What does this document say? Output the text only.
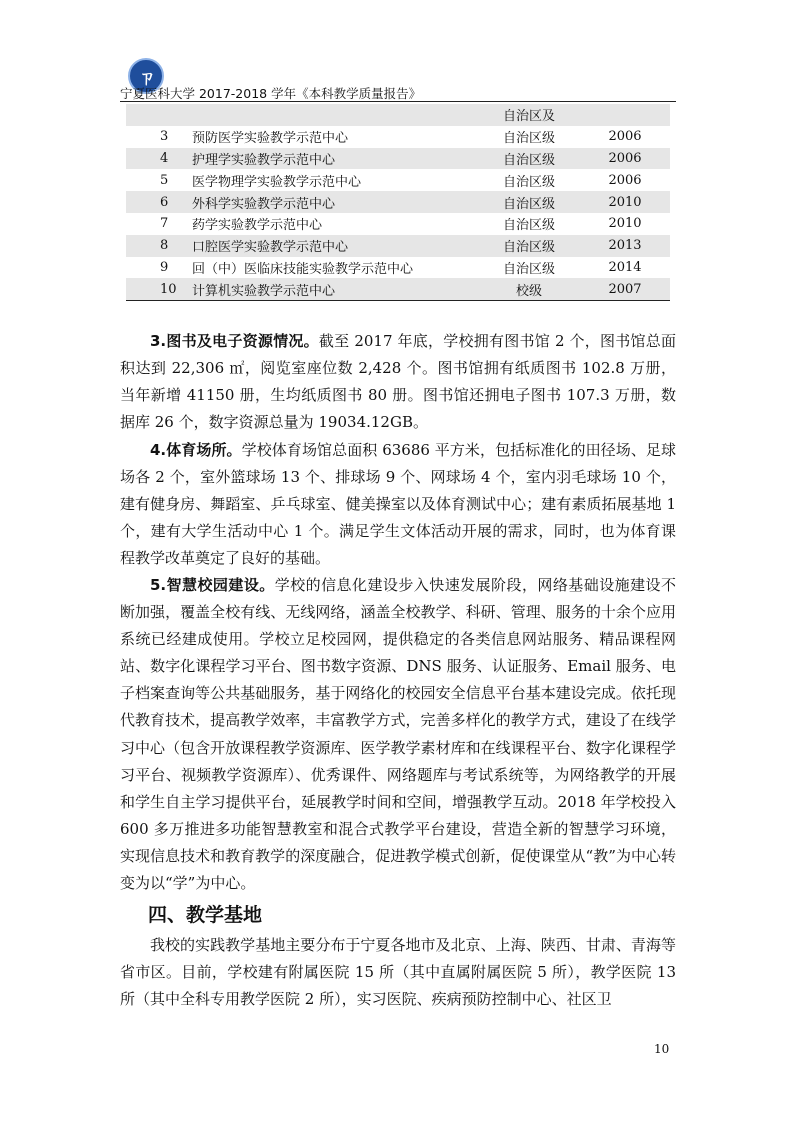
ㄗ
宁夏医科大学 2017-2018 学年《本科教学质量报告》
		自治区及	
3	预防医学实验教学示范中心	自治区级	2006
4	护理学实验教学示范中心	自治区级	2006
5	医学物理学实验教学示范中心	自治区级	2006
6	外科学实验教学示范中心	自治区级	2010
7	药学实验教学示范中心	自治区级	2010
8	口腔医学实验教学示范中心	自治区级	2013
9	回（中）医临床技能实验教学示范中心	自治区级	2014
10	计算机实验教学示范中心	校级	2007

3.图书及电子资源情况。截至 2017 年底，学校拥有图书馆 2 个，图书馆总面积达到 22,306 ㎡，阅览室座位数 2,428 个。图书馆拥有纸质图书 102.8 万册，当年新增 41150 册，生均纸质图书 80 册。图书馆还拥电子图书 107.3 万册，数据库 26 个，数字资源总量为 19034.12GB。

4.体育场所。学校体育场馆总面积 63686 平方米，包括标准化的田径场、足球场各 2 个，室外篮球场 13 个、排球场 9 个、网球场 4 个，室内羽毛球场 10 个，建有健身房、舞蹈室、乒乓球室、健美操室以及体育测试中心；建有素质拓展基地 1 个，建有大学生活动中心 1 个。满足学生文体活动开展的需求，同时，也为体育课程教学改革奠定了良好的基础。

5.智慧校园建设。学校的信息化建设步入快速发展阶段，网络基础设施建设不断加强，覆盖全校有线、无线网络，涵盖全校教学、科研、管理、服务的十余个应用系统已经建成使用。学校立足校园网，提供稳定的各类信息网站服务、精品课程网站、数字化课程学习平台、图书数字资源、DNS 服务、认证服务、Email 服务、电子档案查询等公共基础服务，基于网络化的校园安全信息平台基本建设完成。依托现代教育技术，提高教学效率，丰富教学方式，完善多样化的教学方式，建设了在线学习中心（包含开放课程教学资源库、医学教学素材库和在线课程平台、数字化课程学习平台、视频教学资源库）、优秀课件、网络题库与考试系统等，为网络教学的开展和学生自主学习提供平台，延展教学时间和空间，增强教学互动。2018 年学校投入 600 多万推进多功能智慧教室和混合式教学平台建设，营造全新的智慧学习环境，实现信息技术和教育教学的深度融合，促进教学模式创新，促使课堂从“教”为中心转变为以“学”为中心。

四、教学基地

我校的实践教学基地主要分布于宁夏各地市及北京、上海、陕西、甘肃、青海等省市区。目前，学校建有附属医院 15 所（其中直属附属医院 5 所），教学医院 13 所（其中全科专用教学医院 2 所），实习医院、疾病预防控制中心、社区卫

10
